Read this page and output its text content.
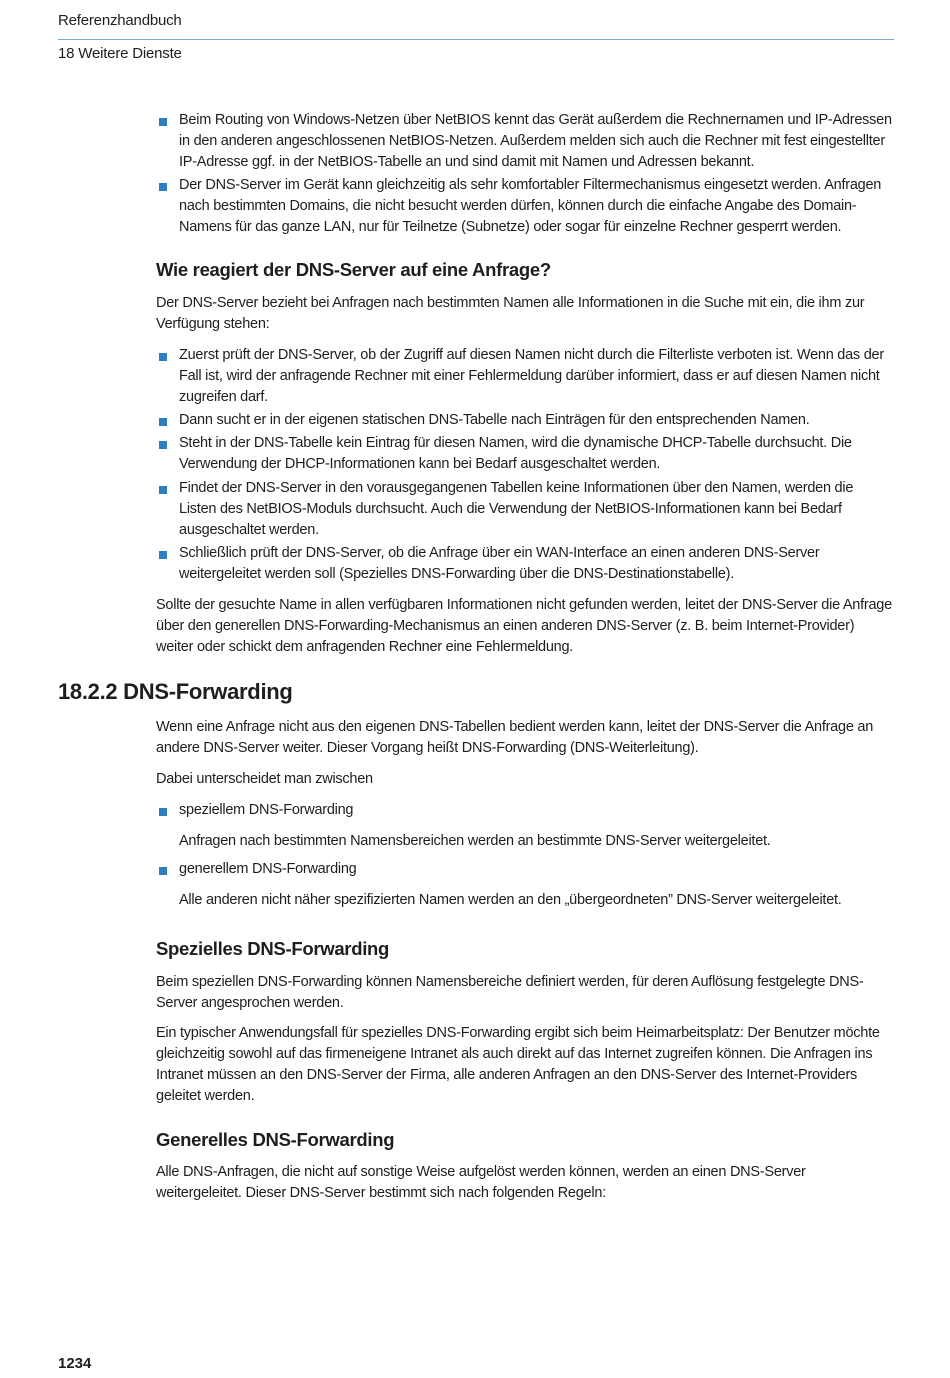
Referenzhandbuch
18 Weitere Dienste
Beim Routing von Windows-Netzen über NetBIOS kennt das Gerät außerdem die Rechnernamen und IP-Adressen in den anderen angeschlossenen NetBIOS-Netzen. Außerdem melden sich auch die Rechner mit fest eingestellter IP-Adresse ggf. in der NetBIOS-Tabelle an und sind damit mit Namen und Adressen bekannt.
Der DNS-Server im Gerät kann gleichzeitig als sehr komfortabler Filtermechanismus eingesetzt werden. Anfragen nach bestimmten Domains, die nicht besucht werden dürfen, können durch die einfache Angabe des Domain-Namens für das ganze LAN, nur für Teilnetze (Subnetze) oder sogar für einzelne Rechner gesperrt werden.
Wie reagiert der DNS-Server auf eine Anfrage?
Der DNS-Server bezieht bei Anfragen nach bestimmten Namen alle Informationen in die Suche mit ein, die ihm zur Verfügung stehen:
Zuerst prüft der DNS-Server, ob der Zugriff auf diesen Namen nicht durch die Filterliste verboten ist. Wenn das der Fall ist, wird der anfragende Rechner mit einer Fehlermeldung darüber informiert, dass er auf diesen Namen nicht zugreifen darf.
Dann sucht er in der eigenen statischen DNS-Tabelle nach Einträgen für den entsprechenden Namen.
Steht in der DNS-Tabelle kein Eintrag für diesen Namen, wird die dynamische DHCP-Tabelle durchsucht. Die Verwendung der DHCP-Informationen kann bei Bedarf ausgeschaltet werden.
Findet der DNS-Server in den vorausgegangenen Tabellen keine Informationen über den Namen, werden die Listen des NetBIOS-Moduls durchsucht. Auch die Verwendung der NetBIOS-Informationen kann bei Bedarf ausgeschaltet werden.
Schließlich prüft der DNS-Server, ob die Anfrage über ein WAN-Interface an einen anderen DNS-Server weitergeleitet werden soll (Spezielles DNS-Forwarding über die DNS-Destinationstabelle).
Sollte der gesuchte Name in allen verfügbaren Informationen nicht gefunden werden, leitet der DNS-Server die Anfrage über den generellen DNS-Forwarding-Mechanismus an einen anderen DNS-Server (z. B. beim Internet-Provider) weiter oder schickt dem anfragenden Rechner eine Fehlermeldung.
18.2.2 DNS-Forwarding
Wenn eine Anfrage nicht aus den eigenen DNS-Tabellen bedient werden kann, leitet der DNS-Server die Anfrage an andere DNS-Server weiter. Dieser Vorgang heißt DNS-Forwarding (DNS-Weiterleitung).
Dabei unterscheidet man zwischen
speziellem DNS-Forwarding
Anfragen nach bestimmten Namensbereichen werden an bestimmte DNS-Server weitergeleitet.
generellem DNS-Forwarding
Alle anderen nicht näher spezifizierten Namen werden an den „übergeordneten” DNS-Server weitergeleitet.
Spezielles DNS-Forwarding
Beim speziellen DNS-Forwarding können Namensbereiche definiert werden, für deren Auflösung festgelegte DNS-Server angesprochen werden.
Ein typischer Anwendungsfall für spezielles DNS-Forwarding ergibt sich beim Heimarbeitsplatz: Der Benutzer möchte gleichzeitig sowohl auf das firmeneigene Intranet als auch direkt auf das Internet zugreifen können. Die Anfragen ins Intranet müssen an den DNS-Server der Firma, alle anderen Anfragen an den DNS-Server des Internet-Providers geleitet werden.
Generelles DNS-Forwarding
Alle DNS-Anfragen, die nicht auf sonstige Weise aufgelöst werden können, werden an einen DNS-Server weitergeleitet. Dieser DNS-Server bestimmt sich nach folgenden Regeln:
1234
